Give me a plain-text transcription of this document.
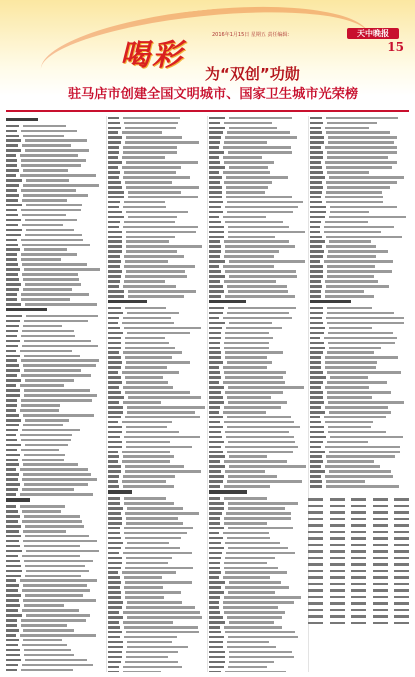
2016年1月15日 星期五 责任编辑：	天中晚报
15
喝彩
为“双创”功勋
驻马店市创建全国文明城市、国家卫生城市光荣榜
